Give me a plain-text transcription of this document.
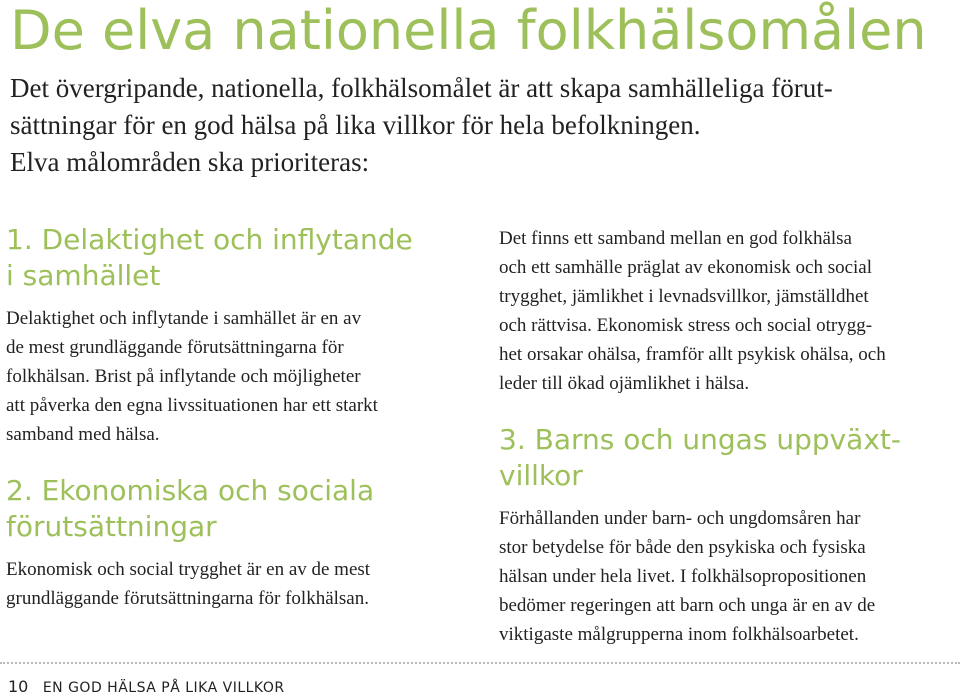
De elva nationella folkhälsomålen
Det övergripande, nationella, folkhälsomålet är att skapa samhälleliga förut-
sättningar för en god hälsa på lika villkor för hela befolkningen.
Elva målområden ska prioriteras:
1. Delaktighet och inflytande
i samhället

Delaktighet och inflytande i samhället är en av
de mest grundläggande förutsättningarna för
folkhälsan. Brist på inflytande och möjligheter
att påverka den egna livssituationen har ett starkt
samband med hälsa.

2. Ekonomiska och sociala
förutsättningar

Ekonomisk och social trygghet är en av de mest
grundläggande förutsättningarna för folkhälsan.

Det finns ett samband mellan en god folkhälsa
och ett samhälle präglat av ekonomisk och social
trygghet, jämlikhet i levnadsvillkor, jämställdhet
och rättvisa. Ekonomisk stress och social otrygg-
het orsakar ohälsa, framför allt psykisk ohälsa, och
leder till ökad ojämlikhet i hälsa.

3. Barns och ungas uppväxt-
villkor

Förhållanden under barn- och ungdomsåren har
stor betydelse för både den psykiska och fysiska
hälsan under hela livet. I folkhälsopropositionen
bedömer regeringen att barn och unga är en av de
viktigaste målgrupperna inom folkhälsoarbetet.

10 EN GOD HÄLSA PÅ LIKA VILLKOR
